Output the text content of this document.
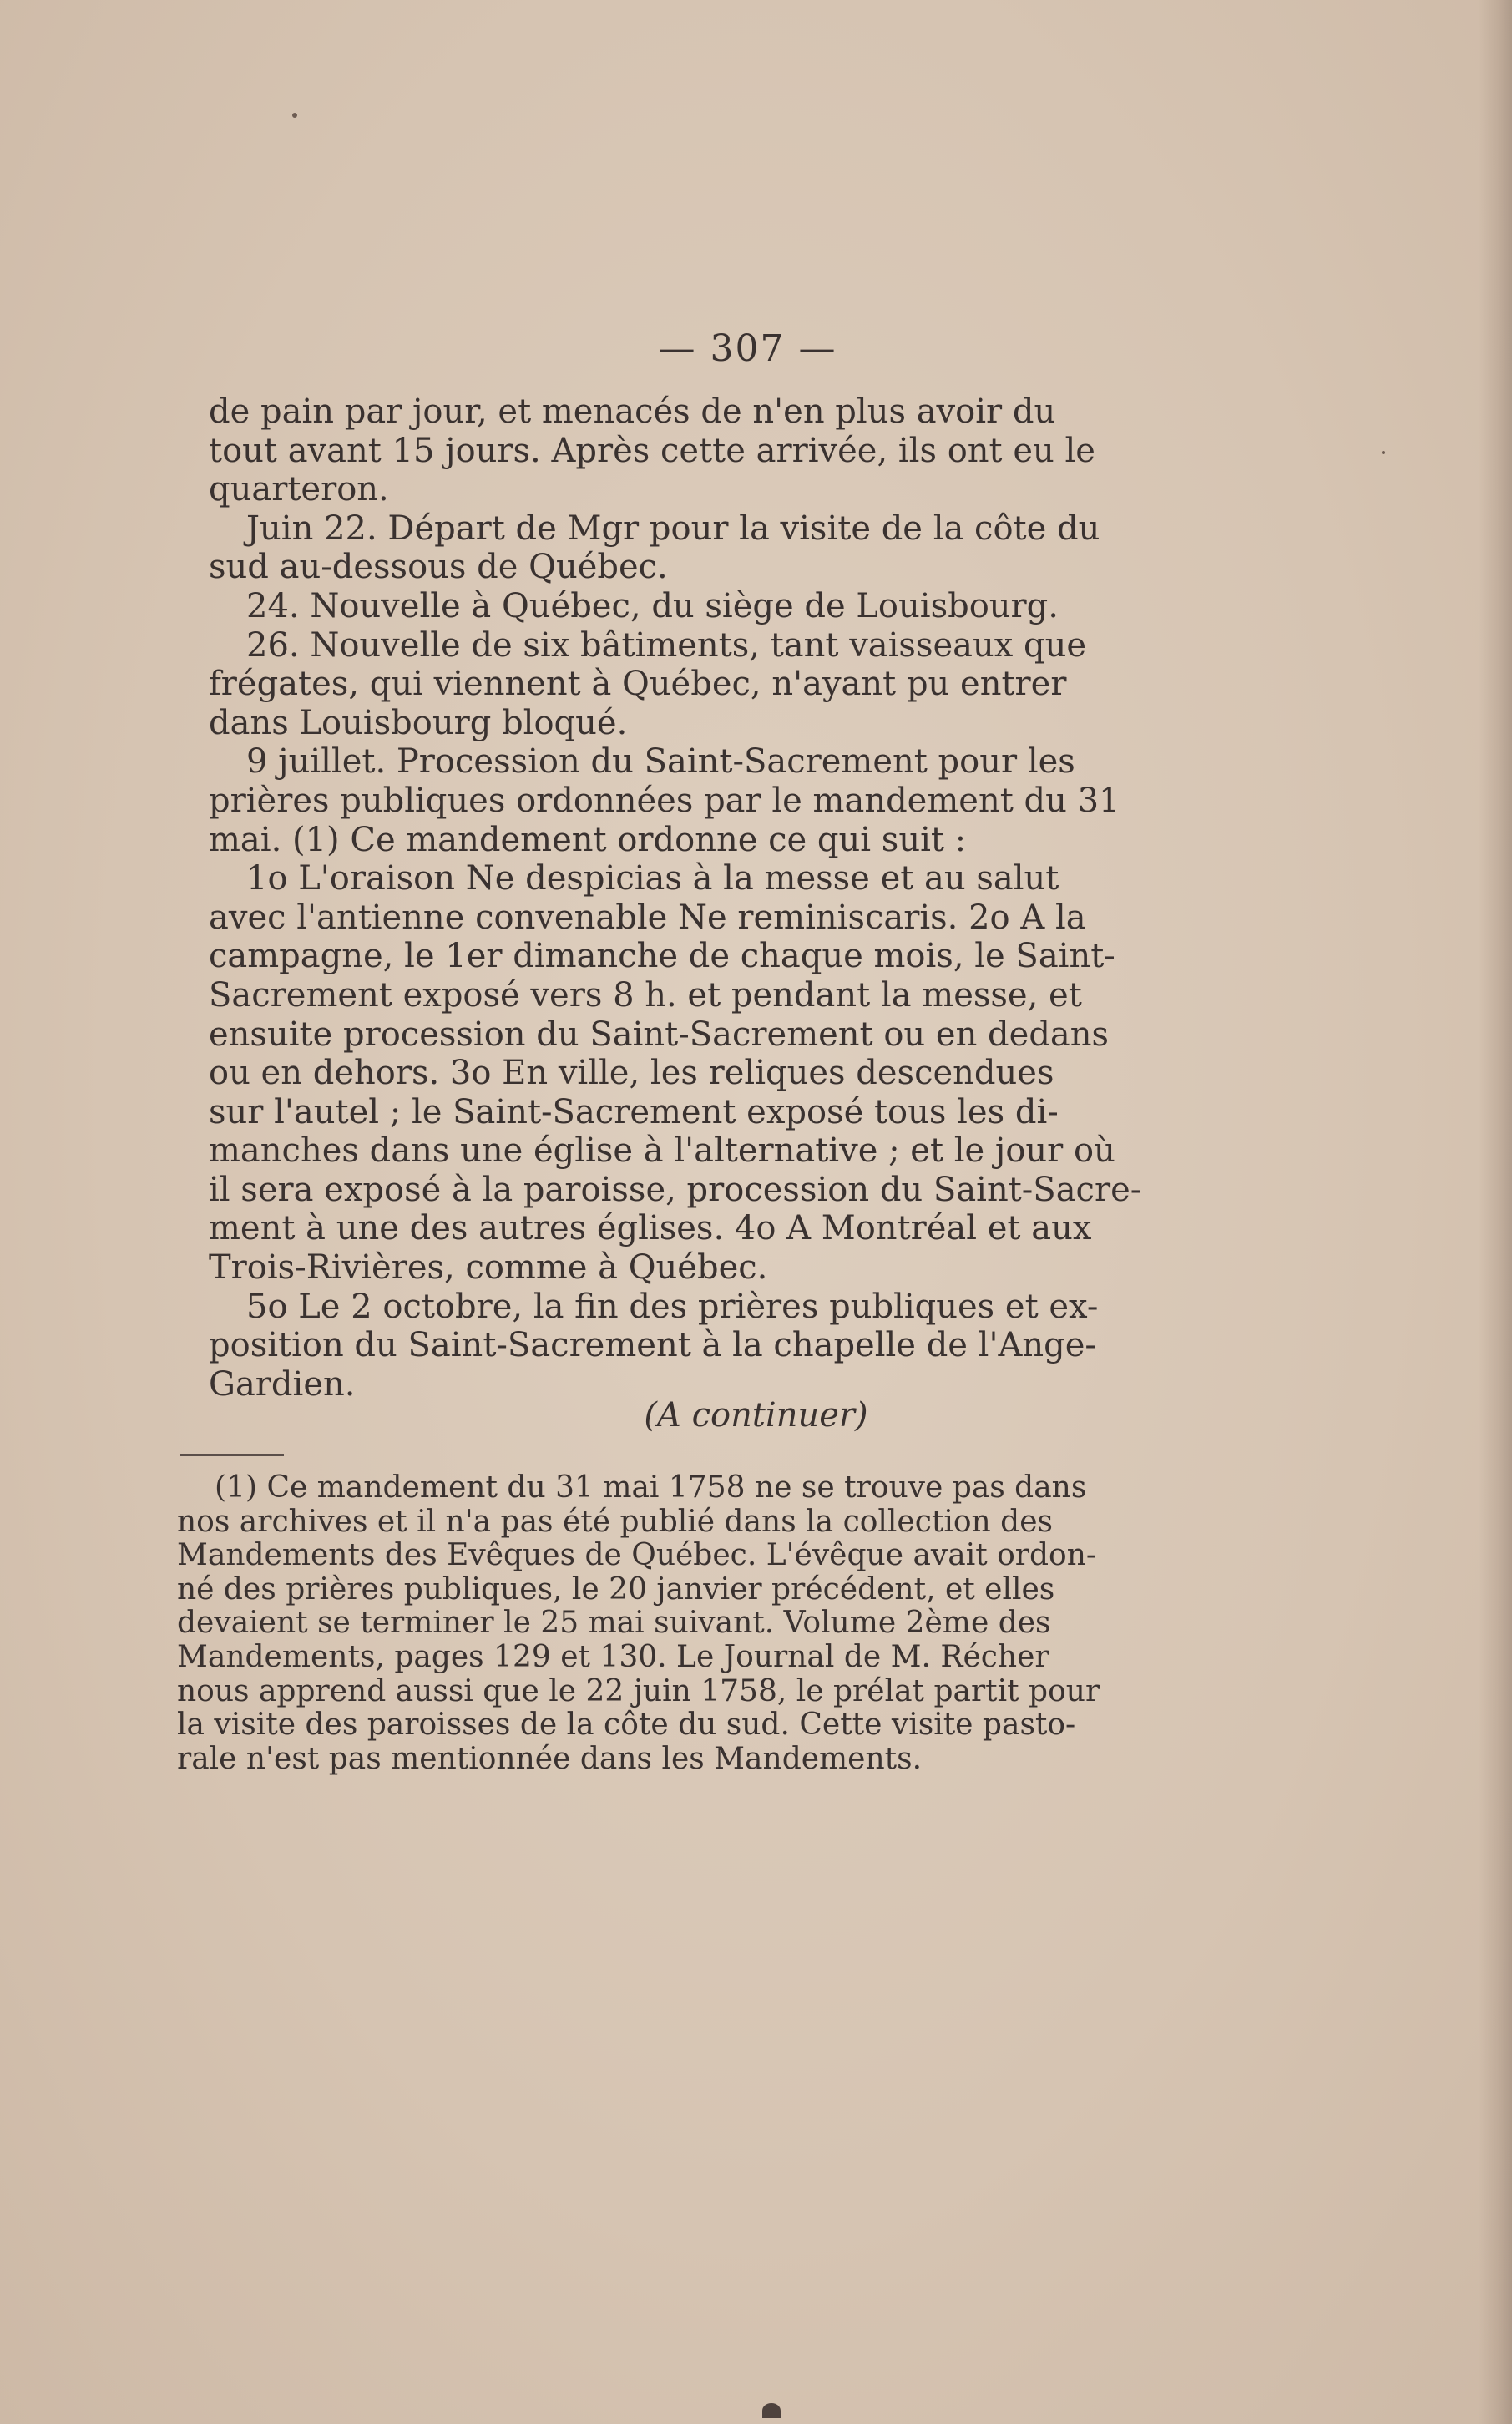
— 307 —
de pain par jour, et menacés de n'en plus avoir du
tout avant 15 jours. Après cette arrivée, ils ont eu le
quarteron.
Juin 22. Départ de Mgr pour la visite de la côte du
sud au-dessous de Québec.
24. Nouvelle à Québec, du siège de Louisbourg.
26. Nouvelle de six bâtiments, tant vaisseaux que
frégates, qui viennent à Québec, n'ayant pu entrer
dans Louisbourg bloqué.
9 juillet. Procession du Saint-Sacrement pour les
prières publiques ordonnées par le mandement du 31
mai. (1) Ce mandement ordonne ce qui suit :
1o L'oraison Ne despicias à la messe et au salut
avec l'antienne convenable Ne reminiscaris. 2o A la
campagne, le 1er dimanche de chaque mois, le Saint-
Sacrement exposé vers 8 h. et pendant la messe, et
ensuite procession du Saint-Sacrement ou en dedans
ou en dehors. 3o En ville, les reliques descendues
sur l'autel ; le Saint-Sacrement exposé tous les di-
manches dans une église à l'alternative ; et le jour où
il sera exposé à la paroisse, procession du Saint-Sacre-
ment à une des autres églises. 4o A Montréal et aux
Trois-Rivières, comme à Québec.
5o Le 2 octobre, la fin des prières publiques et ex-
position du Saint-Sacrement à la chapelle de l'Ange-
Gardien.
(A continuer)
(1) Ce mandement du 31 mai 1758 ne se trouve pas dans
nos archives et il n'a pas été publié dans la collection des
Mandements des Evêques de Québec. L'évêque avait ordon-
né des prières publiques, le 20 janvier précédent, et elles
devaient se terminer le 25 mai suivant. Volume 2ème des
Mandements, pages 129 et 130. Le Journal de M. Récher
nous apprend aussi que le 22 juin 1758, le prélat partit pour
la visite des paroisses de la côte du sud. Cette visite pasto-
rale n'est pas mentionnée dans les Mandements.
